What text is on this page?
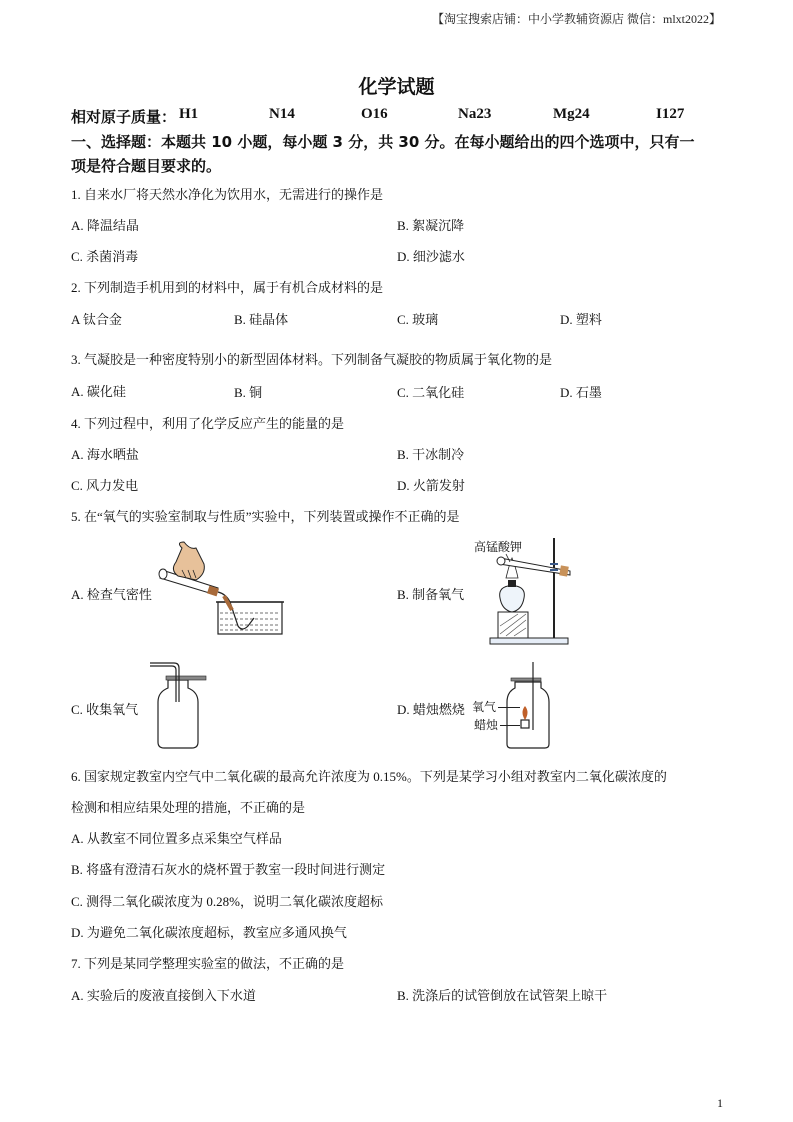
【淘宝搜索店铺：中小学教辅资源店 微信：mlxt2022】
化学试题
相对原子质量： H1	N14	O16	Na23	Mg24	I127
一、选择题：本题共 10 小题，每小题 3 分，共 30 分。在每小题给出的四个选项中，只有一
项是符合题目要求的。
1. 自来水厂将天然水净化为饮用水，无需进行的操作是
A. 降温结晶	B. 絮凝沉降
C. 杀菌消毒	D. 细沙滤水
2. 下列制造手机用到的材料中，属于有机合成材料的是
A 钛合金	B. 硅晶体	C. 玻璃	D. 塑料
3. 气凝胶是一种密度特别小的新型固体材料。下列制备气凝胶的物质属于氧化物的是
A. 碳化硅	B. 铜	C. 二氧化硅	D. 石墨
4. 下列过程中，利用了化学反应产生的能量的是
A. 海水晒盐	B. 干冰制冷
C. 风力发电	D. 火箭发射
5. 在“氧气的实验室制取与性质”实验中，下列装置或操作不正确的是
A. 检查气密性	B. 制备氧气
C. 收集氧气	D. 蜡烛燃烧
高锰酸钾
氧气
蜡烛
6. 国家规定教室内空气中二氧化碳的最高允许浓度为 0.15%。下列是某学习小组对教室内二氧化碳浓度的
检测和相应结果处理的措施，不正确的是
A. 从教室不同位置多点采集空气样品
B. 将盛有澄清石灰水的烧杯置于教室一段时间进行测定
C. 测得二氧化碳浓度为 0.28%，说明二氧化碳浓度超标
D. 为避免二氧化碳浓度超标，教室应多通风换气
7. 下列是某同学整理实验室的做法，不正确的是
A. 实验后的废液直接倒入下水道	B. 洗涤后的试管倒放在试管架上晾干
1
